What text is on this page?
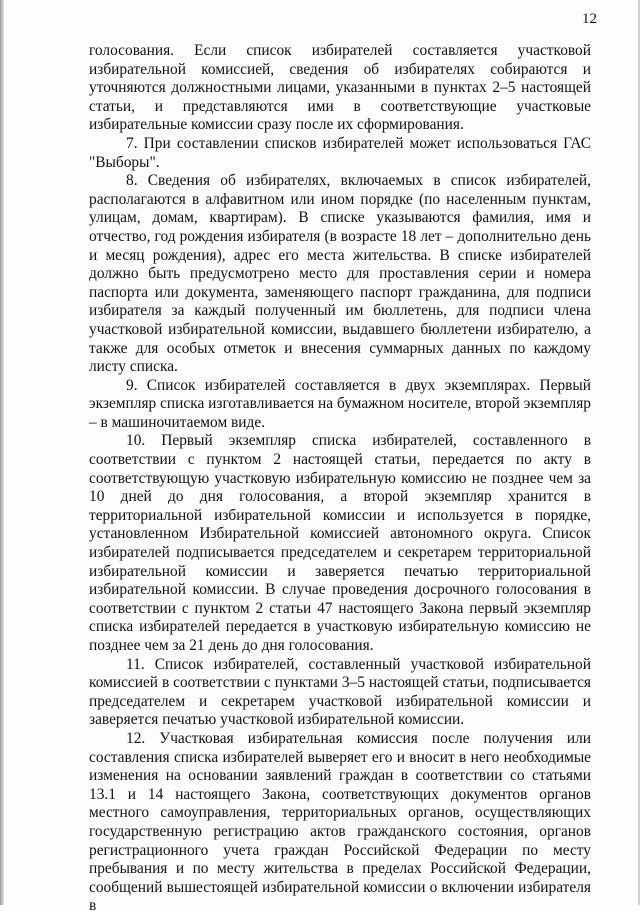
12

голосования. Если список избирателей составляется участковой избирательной комиссией, сведения об избирателях собираются и уточняются должностными лицами, указанными в пунктах 2–5 настоящей статьи, и представляются ими в соответствующие участковые избирательные комиссии сразу после их сформирования.

7. При составлении списков избирателей может использоваться ГАС "Выборы".

8. Сведения об избирателях, включаемых в список избирателей, располагаются в алфавитном или ином порядке (по населенным пунктам, улицам, домам, квартирам). В списке указываются фамилия, имя и отчество, год рождения избирателя (в возрасте 18 лет – дополнительно день и месяц рождения), адрес его места жительства. В списке избирателей должно быть предусмотрено место для проставления серии и номера паспорта или документа, заменяющего паспорт гражданина, для подписи избирателя за каждый полученный им бюллетень, для подписи члена участковой избирательной комиссии, выдавшего бюллетени избирателю, а также для особых отметок и внесения суммарных данных по каждому листу списка.

9. Список избирателей составляется в двух экземплярах. Первый экземпляр списка изготавливается на бумажном носителе, второй экземпляр – в машиночитаемом виде.

10. Первый экземпляр списка избирателей, составленного в соответствии с пунктом 2 настоящей статьи, передается по акту в соответствующую участковую избирательную комиссию не позднее чем за 10 дней до дня голосования, а второй экземпляр хранится в территориальной избирательной комиссии и используется в порядке, установленном Избирательной комиссией автономного округа. Список избирателей подписывается председателем и секретарем территориальной избирательной комиссии и заверяется печатью территориальной избирательной комиссии. В случае проведения досрочного голосования в соответствии с пунктом 2 статьи 47 настоящего Закона первый экземпляр списка избирателей передается в участковую избирательную комиссию не позднее чем за 21 день до дня голосования.

11. Список избирателей, составленный участковой избирательной комиссией в соответствии с пунктами 3–5 настоящей статьи, подписывается председателем и секретарем участковой избирательной комиссии и заверяется печатью участковой избирательной комиссии.

12. Участковая избирательная комиссия после получения или составления списка избирателей выверяет его и вносит в него необходимые изменения на основании заявлений граждан в соответствии со статьями 13.1 и 14 настоящего Закона, соответствующих документов органов местного самоуправления, территориальных органов, осуществляющих государственную регистрацию актов гражданского состояния, органов регистрационного учета граждан Российской Федерации по месту пребывания и по месту жительства в пределах Российской Федерации, сообщений вышестоящей избирательной комиссии о включении избирателя в
